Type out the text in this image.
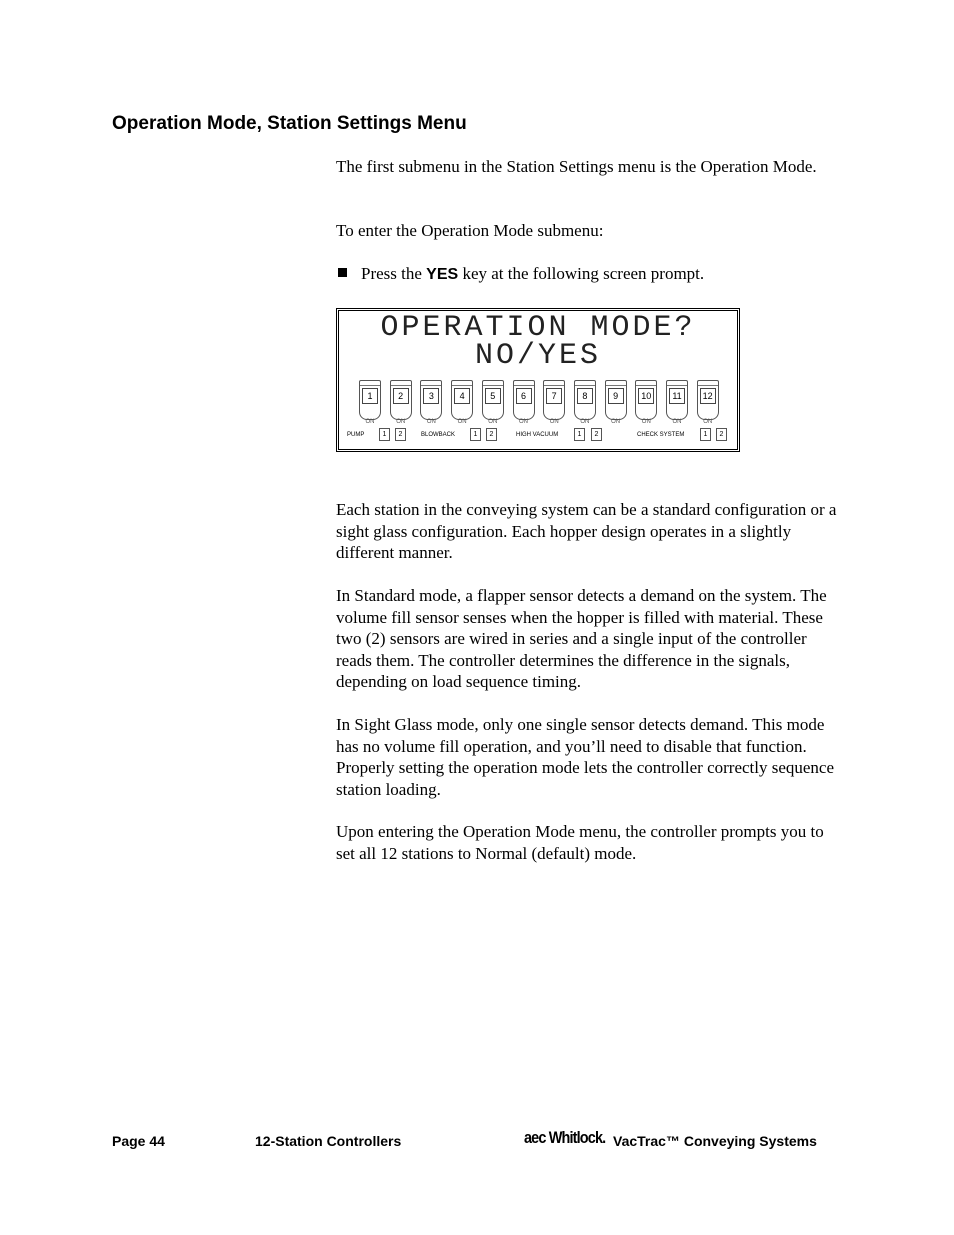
Operation Mode, Station Settings Menu

The first submenu in the Station Settings menu is the Operation Mode.

To enter the Operation Mode submenu:

Press the YES key at the following screen prompt.
OPERATION MODE?
NO/YES
1
ON
2
ON
3
ON
4
ON
5
ON
6
ON
7
ON
8
ON
9
ON
10
ON
11
ON
12
ON
PUMP	1	2	BLOWBACK	1	2	HIGH VACUUM	1	2	CHECK SYSTEM	1	2

Each station in the conveying system can be a standard configuration or a sight glass configuration. Each hopper design operates in a slightly different manner.

In Standard mode, a flapper sensor detects a demand on the system. The volume fill sensor senses when the hopper is filled with material. These two (2) sensors are wired in series and a single input of the controller reads them. The controller determines the difference in the signals, depending on load sequence timing.

In Sight Glass mode, only one single sensor detects demand. This mode has no volume fill operation, and you’ll need to disable that function. Properly setting the operation mode lets the controller correctly sequence station loading.

Upon entering the Operation Mode menu, the controller prompts you to set all 12 stations to Normal (default) mode.

Page 44	12-Station Controllers	aec Whitlock. VacTrac™ Conveying Systems
